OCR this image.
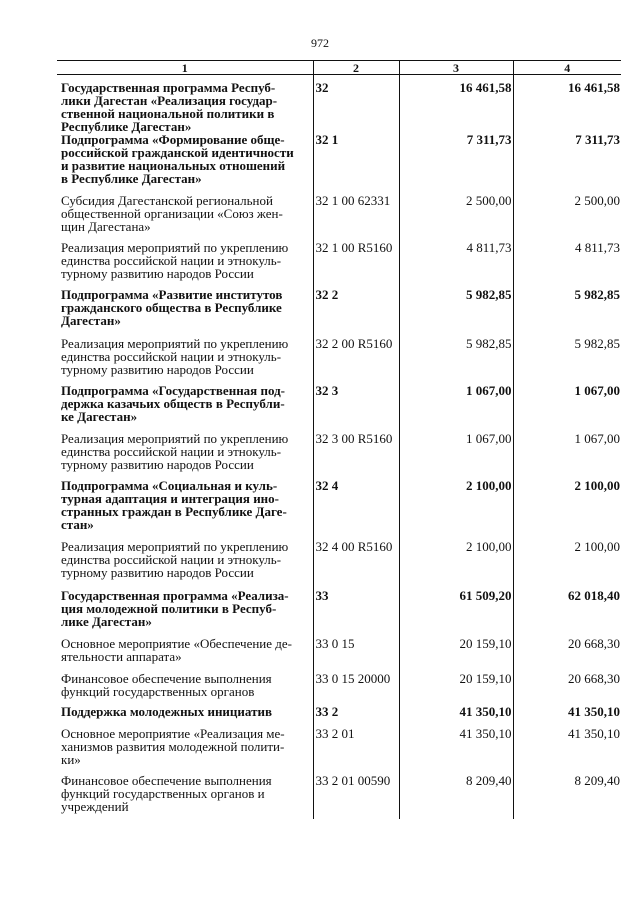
972
1	2	3	4
Государственная программа Респуб-
лики Дагестан «Реализация государ-
ственной национальной политики в
Республике Дагестан»	32	16 461,58	16 461,58
Подпрограмма «Формирование обще-
российской гражданской идентичности
и развитие национальных отношений
в Республике Дагестан»	32 1	7 311,73	7 311,73
Субсидия Дагестанской региональной
общественной организации «Союз жен-
щин Дагестана»	32 1 00 62331	2 500,00	2 500,00
Реализация мероприятий по укреплению
единства российской нации и этнокуль-
турному развитию народов России	32 1 00 R5160	4 811,73	4 811,73
Подпрограмма «Развитие институтов
гражданского общества в Республике
Дагестан»	32 2	5 982,85	5 982,85
Реализация мероприятий по укреплению
единства российской нации и этнокуль-
турному развитию народов России	32 2 00 R5160	5 982,85	5 982,85
Подпрограмма «Государственная под-
держка казачьих обществ в Республи-
ке Дагестан»	32 3	1 067,00	1 067,00
Реализация мероприятий по укреплению
единства российской нации и этнокуль-
турному развитию народов России	32 3 00 R5160	1 067,00	1 067,00
Подпрограмма «Социальная и куль-
турная адаптация и интеграция ино-
странных граждан в Республике Даге-
стан»	32 4	2 100,00	2 100,00
Реализация мероприятий по укреплению
единства российской нации и этнокуль-
турному развитию народов России	32 4 00 R5160	2 100,00	2 100,00
Государственная программа «Реализа-
ция молодежной политики в Респуб-
лике Дагестан»	33	61 509,20	62 018,40
Основное мероприятие «Обеспечение де-
ятельности аппарата»	33 0 15	20 159,10	20 668,30
Финансовое обеспечение выполнения
функций государственных органов	33 0 15 20000	20 159,10	20 668,30
Поддержка молодежных инициатив	33 2	41 350,10	41 350,10
Основное мероприятие «Реализация ме-
ханизмов развития молодежной полити-
ки»	33 2 01	41 350,10	41 350,10
Финансовое обеспечение выполнения
функций государственных органов и
учреждений	33 2 01 00590	8 209,40	8 209,40
